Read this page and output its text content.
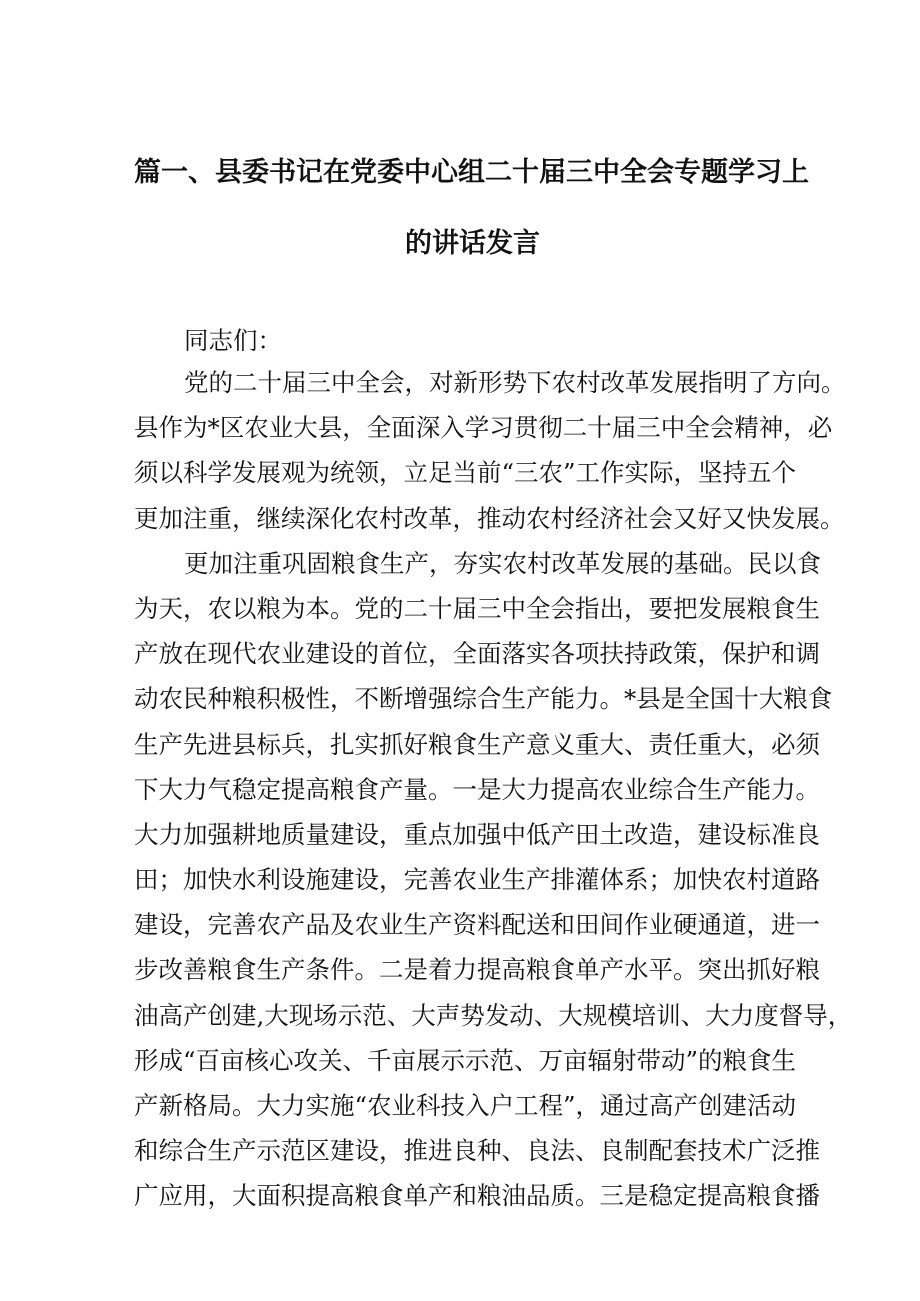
篇一、县委书记在党委中心组二十届三中全会专题学习上
的讲话发言
同志们：
党的二十届三中全会，对新形势下农村改革发展指明了方向。
县作为*区农业大县，全面深入学习贯彻二十届三中全会精神，必
须以科学发展观为统领，立足当前“三农”工作实际，坚持五个
更加注重，继续深化农村改革，推动农村经济社会又好又快发展。
更加注重巩固粮食生产，夯实农村改革发展的基础。民以食
为天，农以粮为本。党的二十届三中全会指出，要把发展粮食生
产放在现代农业建设的首位，全面落实各项扶持政策，保护和调
动农民种粮积极性，不断增强综合生产能力。*县是全国十大粮食
生产先进县标兵，扎实抓好粮食生产意义重大、责任重大，必须
下大力气稳定提高粮食产量。一是大力提高农业综合生产能力。
大力加强耕地质量建设，重点加强中低产田土改造，建设标准良
田；加快水利设施建设，完善农业生产排灌体系；加快农村道路
建设，完善农产品及农业生产资料配送和田间作业硬通道，进一
步改善粮食生产条件。二是着力提高粮食单产水平。突出抓好粮
油高产创建,大现场示范、大声势发动、大规模培训、大力度督导，
形成“百亩核心攻关、千亩展示示范、万亩辐射带动”的粮食生
产新格局。大力实施“农业科技入户工程”，通过高产创建活动
和综合生产示范区建设，推进良种、良法、良制配套技术广泛推
广应用，大面积提高粮食单产和粮油品质。三是稳定提高粮食播
